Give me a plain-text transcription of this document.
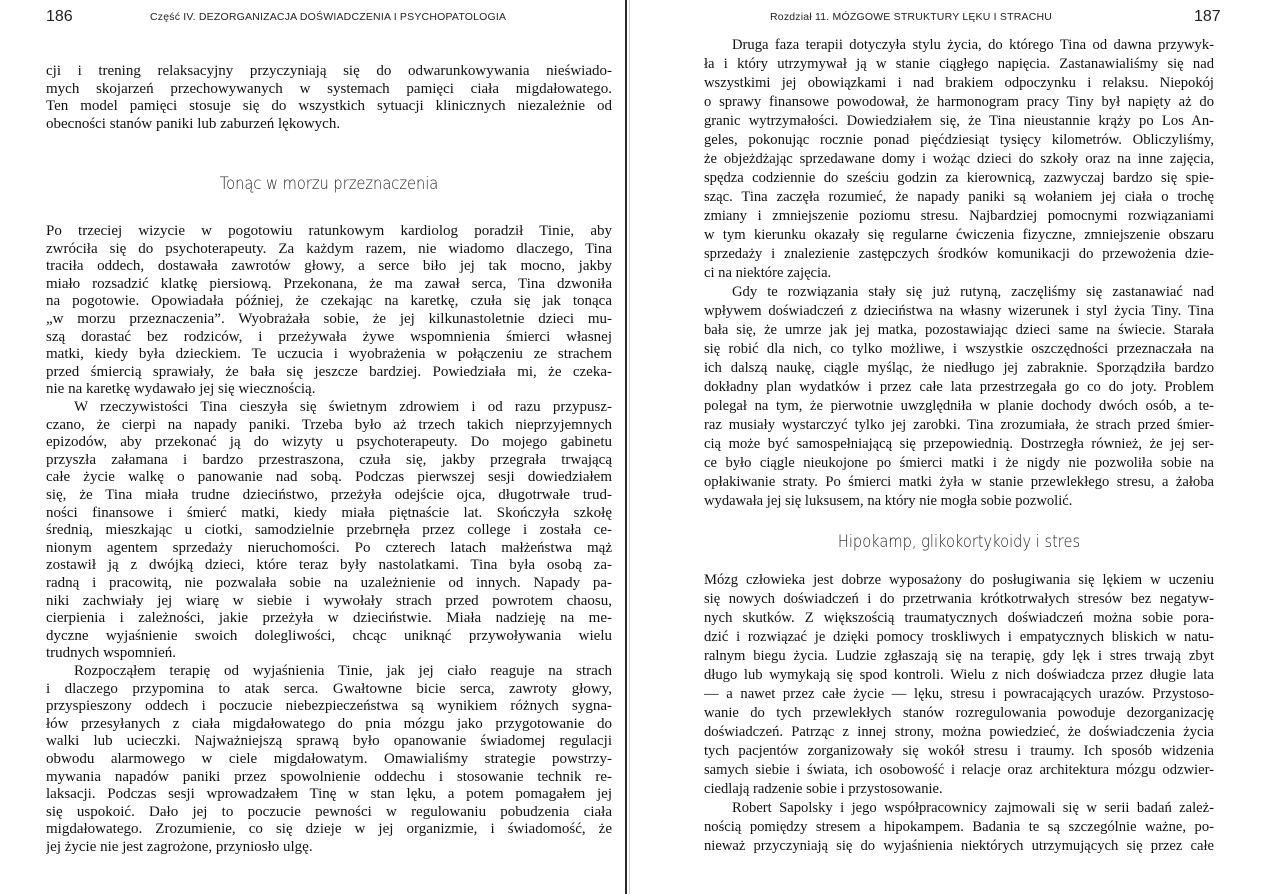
186	Część IV. DEZORGANIZACJA DOŚWIADCZENIA I PSYCHOPATOLOGIA
cji i trening relaksacyjny przyczyniają się do odwarunkowywania nieświado-
mych skojarzeń przechowywanych w systemach pamięci ciała migdałowatego.
Ten model pamięci stosuje się do wszystkich sytuacji klinicznych niezależnie od
obecności stanów paniki lub zaburzeń lękowych.
Tonąc w morzu przeznaczenia
Po trzeciej wizycie w pogotowiu ratunkowym kardiolog poradził Tinie, aby
zwróciła się do psychoterapeuty. Za każdym razem, nie wiadomo dlaczego, Tina
traciła oddech, dostawała zawrotów głowy, a serce biło jej tak mocno, jakby
miało rozsadzić klatkę piersiową. Przekonana, że ma zawał serca, Tina dzwoniła
na pogotowie. Opowiadała później, że czekając na karetkę, czuła się jak tonąca
„w morzu przeznaczenia”. Wyobrażała sobie, że jej kilkunastoletnie dzieci mu-
szą dorastać bez rodziców, i przeżywała żywe wspomnienia śmierci własnej
matki, kiedy była dzieckiem. Te uczucia i wyobrażenia w połączeniu ze strachem
przed śmiercią sprawiały, że bała się jeszcze bardziej. Powiedziała mi, że czeka-
nie na karetkę wydawało jej się wiecznością.
W rzeczywistości Tina cieszyła się świetnym zdrowiem i od razu przypusz-
czano, że cierpi na napady paniki. Trzeba było aż trzech takich nieprzyjemnych
epizodów, aby przekonać ją do wizyty u psychoterapeuty. Do mojego gabinetu
przyszła załamana i bardzo przestraszona, czuła się, jakby przegrała trwającą
całe życie walkę o panowanie nad sobą. Podczas pierwszej sesji dowiedziałem
się, że Tina miała trudne dzieciństwo, przeżyła odejście ojca, długotrwałe trud-
ności finansowe i śmierć matki, kiedy miała piętnaście lat. Skończyła szkołę
średnią, mieszkając u ciotki, samodzielnie przebrnęła przez college i została ce-
nionym agentem sprzedaży nieruchomości. Po czterech latach małżeństwa mąż
zostawił ją z dwójką dzieci, które teraz były nastolatkami. Tina była osobą za-
radną i pracowitą, nie pozwalała sobie na uzależnienie od innych. Napady pa-
niki zachwiały jej wiarę w siebie i wywołały strach przed powrotem chaosu,
cierpienia i zależności, jakie przeżyła w dzieciństwie. Miała nadzieję na me-
dyczne wyjaśnienie swoich dolegliwości, chcąc uniknąć przywoływania wielu
trudnych wspomnień.
Rozpocząłem terapię od wyjaśnienia Tinie, jak jej ciało reaguje na strach
i dlaczego przypomina to atak serca. Gwałtowne bicie serca, zawroty głowy,
przyspieszony oddech i poczucie niebezpieczeństwa są wynikiem różnych sygna-
łów przesyłanych z ciała migdałowatego do pnia mózgu jako przygotowanie do
walki lub ucieczki. Najważniejszą sprawą było opanowanie świadomej regulacji
obwodu alarmowego w ciele migdałowatym. Omawialiśmy strategie powstrzy-
mywania napadów paniki przez spowolnienie oddechu i stosowanie technik re-
laksacji. Podczas sesji wprowadzałem Tinę w stan lęku, a potem pomagałem jej
się uspokoić. Dało jej to poczucie pewności w regulowaniu pobudzenia ciała
migdałowatego. Zrozumienie, co się dzieje w jej organizmie, i świadomość, że
jej życie nie jest zagrożone, przyniosło ulgę.
Rozdział 11. MÓZGOWE STRUKTURY LĘKU I STRACHU	187
Druga faza terapii dotyczyła stylu życia, do którego Tina od dawna przywyk-
ła i który utrzymywał ją w stanie ciągłego napięcia. Zastanawialiśmy się nad
wszystkimi jej obowiązkami i nad brakiem odpoczynku i relaksu. Niepokój
o sprawy finansowe powodował, że harmonogram pracy Tiny był napięty aż do
granic wytrzymałości. Dowiedziałem się, że Tina nieustannie krąży po Los An-
geles, pokonując rocznie ponad pięćdziesiąt tysięcy kilometrów. Obliczyliśmy,
że objeżdżając sprzedawane domy i wożąc dzieci do szkoły oraz na inne zajęcia,
spędza codziennie do sześciu godzin za kierownicą, zazwyczaj bardzo się spie-
sząc. Tina zaczęła rozumieć, że napady paniki są wołaniem jej ciała o trochę
zmiany i zmniejszenie poziomu stresu. Najbardziej pomocnymi rozwiązaniami
w tym kierunku okazały się regularne ćwiczenia fizyczne, zmniejszenie obszaru
sprzedaży i znalezienie zastępczych środków komunikacji do przewożenia dzie-
ci na niektóre zajęcia.
Gdy te rozwiązania stały się już rutyną, zaczęliśmy się zastanawiać nad
wpływem doświadczeń z dzieciństwa na własny wizerunek i styl życia Tiny. Tina
bała się, że umrze jak jej matka, pozostawiając dzieci same na świecie. Starała
się robić dla nich, co tylko możliwe, i wszystkie oszczędności przeznaczała na
ich dalszą naukę, ciągle myśląc, że niedługo jej zabraknie. Sporządziła bardzo
dokładny plan wydatków i przez całe lata przestrzegała go co do joty. Problem
polegał na tym, że pierwotnie uwzględniła w planie dochody dwóch osób, a te-
raz musiały wystarczyć tylko jej zarobki. Tina zrozumiała, że strach przed śmier-
cią może być samospełniającą się przepowiednią. Dostrzegła również, że jej ser-
ce było ciągle nieukojone po śmierci matki i że nigdy nie pozwoliła sobie na
opłakiwanie straty. Po śmierci matki żyła w stanie przewlekłego stresu, a żałoba
wydawała jej się luksusem, na który nie mogła sobie pozwolić.
Hipokamp, glikokortykoidy i stres
Mózg człowieka jest dobrze wyposażony do posługiwania się lękiem w uczeniu
się nowych doświadczeń i do przetrwania krótkotrwałych stresów bez negatyw-
nych skutków. Z większością traumatycznych doświadczeń można sobie pora-
dzić i rozwiązać je dzięki pomocy troskliwych i empatycznych bliskich w natu-
ralnym biegu życia. Ludzie zgłaszają się na terapię, gdy lęk i stres trwają zbyt
długo lub wymykają się spod kontroli. Wielu z nich doświadcza przez długie lata
— a nawet przez całe życie — lęku, stresu i powracających urazów. Przystoso-
wanie do tych przewlekłych stanów rozregulowania powoduje dezorganizację
doświadczeń. Patrząc z innej strony, można powiedzieć, że doświadczenia życia
tych pacjentów zorganizowały się wokół stresu i traumy. Ich sposób widzenia
samych siebie i świata, ich osobowość i relacje oraz architektura mózgu odzwier-
ciedlają radzenie sobie i przystosowanie.
Robert Sapolsky i jego współpracownicy zajmowali się w serii badań zależ-
nością pomiędzy stresem a hipokampem. Badania te są szczególnie ważne, po-
nieważ przyczyniają się do wyjaśnienia niektórych utrzymujących się przez całe
